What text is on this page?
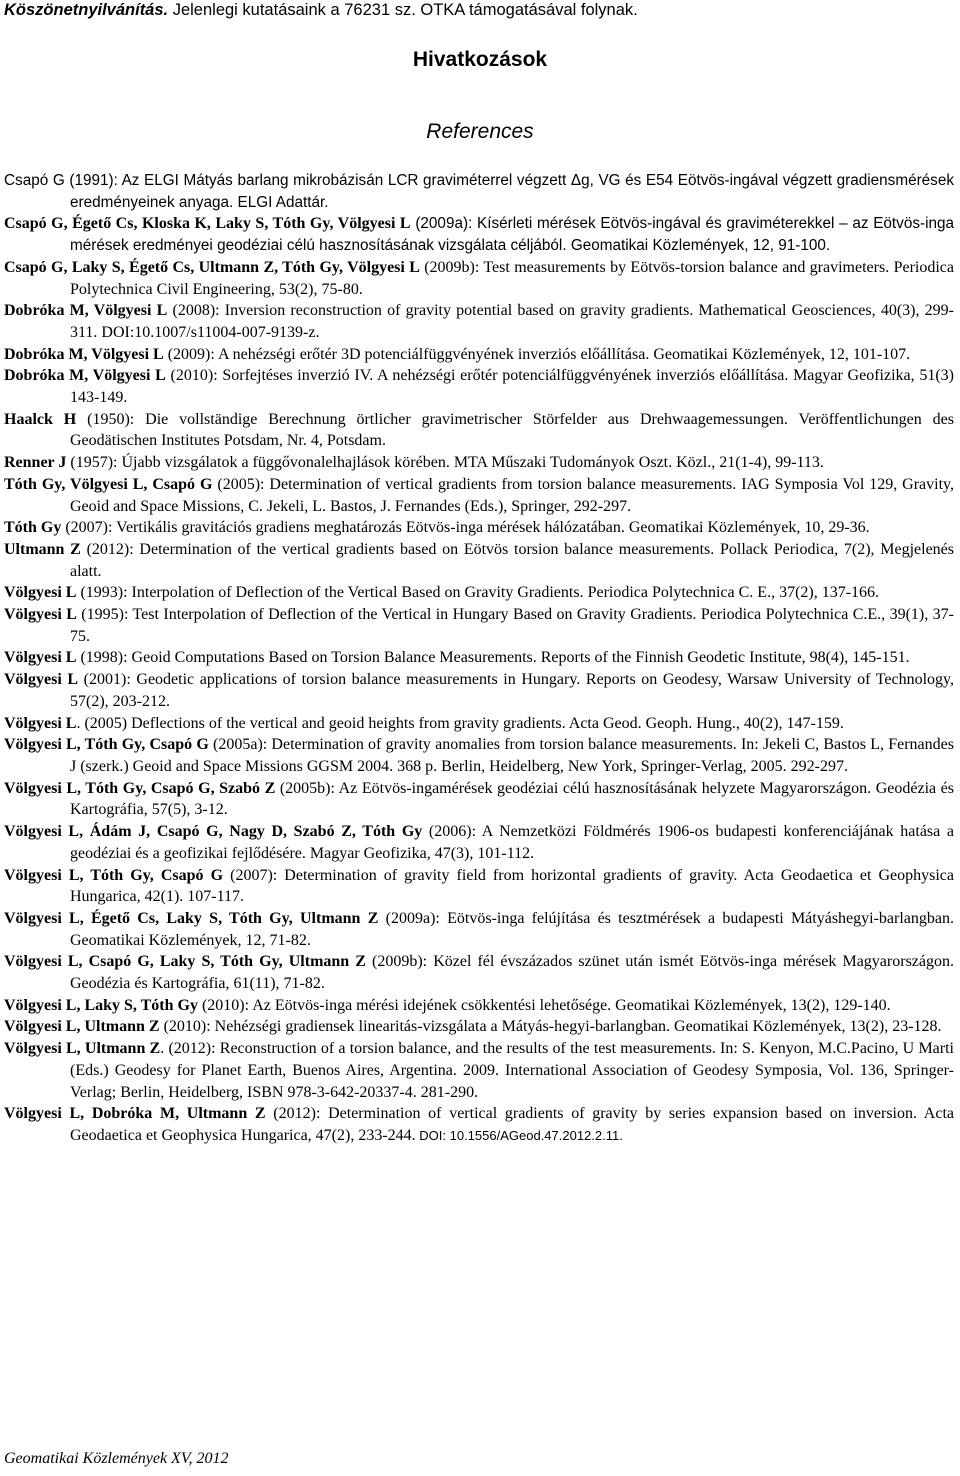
Köszönetnyilvánítás. Jelenlegi kutatásaink a 76231 sz. OTKA támogatásával folynak.
Hivatkozások
References

Csapó G (1991): Az ELGI Mátyás barlang mikrobázisán LCR graviméterrel végzett Δg, VG és E54 Eötvös-ingával végzett gradiensmérések eredményeinek anyaga. ELGI Adattár.

Csapó G, Égető Cs, Kloska K, Laky S, Tóth Gy, Völgyesi L (2009a): Kísérleti mérések Eötvös-ingával és graviméterekkel – az Eötvös-inga mérések eredményei geodéziai célú hasznosításának vizsgálata céljából. Geomatikai Közlemények, 12, 91-100.

Csapó G, Laky S, Égető Cs, Ultmann Z, Tóth Gy, Völgyesi L (2009b): Test measurements by Eötvös-torsion balance and gravimeters. Periodica Polytechnica Civil Engineering, 53(2), 75-80.

Dobróka M, Völgyesi L (2008): Inversion reconstruction of gravity potential based on gravity gradients. Mathematical Geosciences, 40(3), 299-311. DOI:10.1007/s11004-007-9139-z.

Dobróka M, Völgyesi L (2009): A nehézségi erőtér 3D potenciálfüggvényének inverziós előállítása. Geomatikai Közlemények, 12, 101-107.

Dobróka M, Völgyesi L (2010): Sorfejtéses inverzió IV. A nehézségi erőtér potenciálfüggvényének inverziós előállítása. Magyar Geofizika, 51(3) 143-149.

Haalck H (1950): Die vollständige Berechnung örtlicher gravimetrischer Störfelder aus Drehwaagemessungen. Veröffentlichungen des Geodätischen Institutes Potsdam, Nr. 4, Potsdam.

Renner J (1957): Újabb vizsgálatok a függővonalelhajlások körében. MTA Műszaki Tudományok Oszt. Közl., 21(1-4), 99-113.

Tóth Gy, Völgyesi L, Csapó G (2005): Determination of vertical gradients from torsion balance measurements. IAG Symposia Vol 129, Gravity, Geoid and Space Missions, C. Jekeli, L. Bastos, J. Fernandes (Eds.), Springer, 292-297.

Tóth Gy (2007): Vertikális gravitációs gradiens meghatározás Eötvös-inga mérések hálózatában. Geomatikai Közlemények, 10, 29-36.

Ultmann Z (2012): Determination of the vertical gradients based on Eötvös torsion balance measurements. Pollack Periodica, 7(2), Megjelenés alatt.

Völgyesi L (1993): Interpolation of Deflection of the Vertical Based on Gravity Gradients. Periodica Polytechnica C. E., 37(2), 137-166.

Völgyesi L (1995): Test Interpolation of Deflection of the Vertical in Hungary Based on Gravity Gradients. Periodica Polytechnica C.E., 39(1), 37-75.

Völgyesi L (1998): Geoid Computations Based on Torsion Balance Measurements. Reports of the Finnish Geodetic Institute, 98(4), 145-151.

Völgyesi L (2001): Geodetic applications of torsion balance measurements in Hungary. Reports on Geodesy, Warsaw University of Technology, 57(2), 203-212.

Völgyesi L. (2005) Deflections of the vertical and geoid heights from gravity gradients. Acta Geod. Geoph. Hung., 40(2), 147-159.

Völgyesi L, Tóth Gy, Csapó G (2005a): Determination of gravity anomalies from torsion balance measurements. In: Jekeli C, Bastos L, Fernandes J (szerk.) Geoid and Space Missions GGSM 2004. 368 p. Berlin, Heidelberg, New York, Springer-Verlag, 2005. 292-297.

Völgyesi L, Tóth Gy, Csapó G, Szabó Z (2005b): Az Eötvös-ingamérések geodéziai célú hasznosításának helyzete Magyarországon. Geodézia és Kartográfia, 57(5), 3-12.

Völgyesi L, Ádám J, Csapó G, Nagy D, Szabó Z, Tóth Gy (2006): A Nemzetközi Földmérés 1906-os budapesti konferenciájának hatása a geodéziai és a geofizikai fejlődésére. Magyar Geofizika, 47(3), 101-112.

Völgyesi L, Tóth Gy, Csapó G (2007): Determination of gravity field from horizontal gradients of gravity. Acta Geodaetica et Geophysica Hungarica, 42(1). 107-117.

Völgyesi L, Égető Cs, Laky S, Tóth Gy, Ultmann Z (2009a): Eötvös-inga felújítása és tesztmérések a budapesti Mátyáshegyi-barlangban. Geomatikai Közlemények, 12, 71-82.

Völgyesi L, Csapó G, Laky S, Tóth Gy, Ultmann Z (2009b): Közel fél évszázados szünet után ismét Eötvös-inga mérések Magyarországon. Geodézia és Kartográfia, 61(11), 71-82.

Völgyesi L, Laky S, Tóth Gy (2010): Az Eötvös-inga mérési idejének csökkentési lehetősége. Geomatikai Közlemények, 13(2), 129-140.

Völgyesi L, Ultmann Z (2010): Nehézségi gradiensek linearitás-vizsgálata a Mátyás-hegyi-barlangban. Geomatikai Közlemények, 13(2), 23-128.

Völgyesi L, Ultmann Z. (2012): Reconstruction of a torsion balance, and the results of the test measurements. In: S. Kenyon, M.C.Pacino, U Marti (Eds.) Geodesy for Planet Earth, Buenos Aires, Argentina. 2009. International Association of Geodesy Symposia, Vol. 136, Springer-Verlag; Berlin, Heidelberg, ISBN 978-3-642-20337-4. 281-290.

Völgyesi L, Dobróka M, Ultmann Z (2012): Determination of vertical gradients of gravity by series expansion based on inversion. Acta Geodaetica et Geophysica Hungarica, 47(2), 233-244. DOI: 10.1556/AGeod.47.2012.2.11.

Geomatikai Közlemények XV, 2012
